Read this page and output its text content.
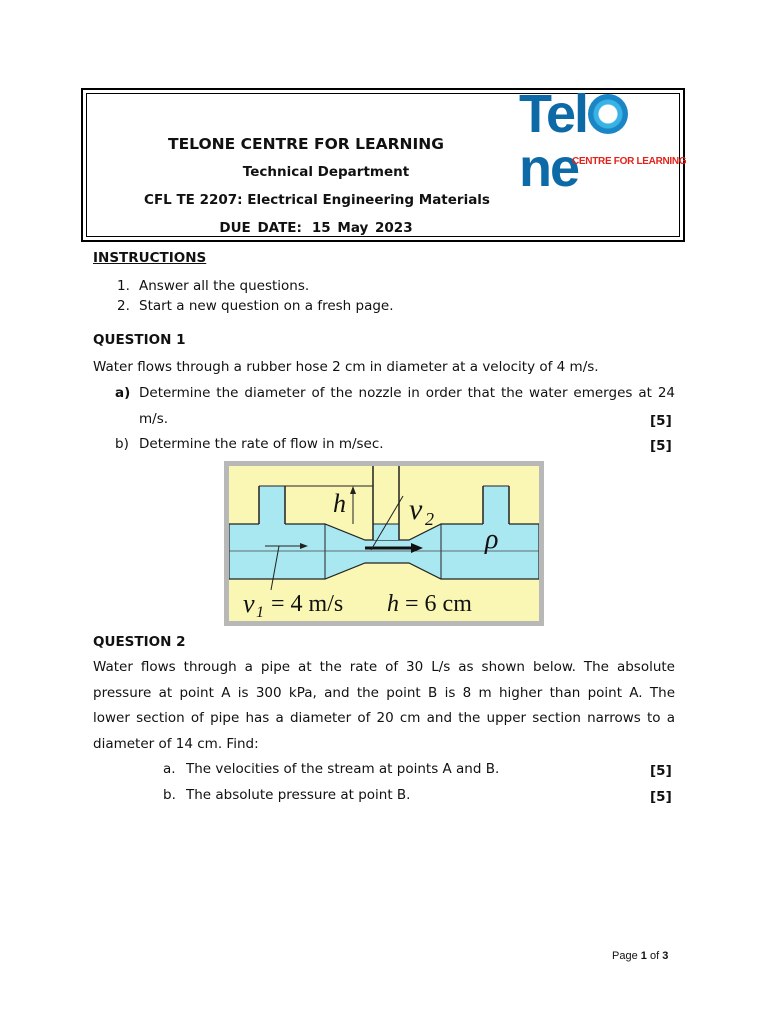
TELONE CENTRE FOR LEARNING
Technical Department
CFL TE 2207: Electrical Engineering Materials
DUE DATE: 15 May 2023
Telne
CENTRE FOR LEARNING
INSTRUCTIONS
1. Answer all the questions.
2. Start a new question on a fresh page.
QUESTION 1
Water flows through a rubber hose 2 cm in diameter at a velocity of 4 m/s.
a) Determine the diameter of the nozzle in order that the water emerges at 24
m/s.	[5]
b) Determine the rate of flow in m/sec.	[5]
h v 2
ρ
v 1 = 4 m/s h = 6 cm
QUESTION 2
Water flows through a pipe at the rate of 30 L/s as shown below. The absolute
pressure at point A is 300 kPa, and the point B is 8 m higher than point A. The
lower section of pipe has a diameter of 20 cm and the upper section narrows to a
diameter of 14 cm. Find:
a. The velocities of the stream at points A and B.	[5]
b. The absolute pressure at point B.	[5]
Page 1 of 3
